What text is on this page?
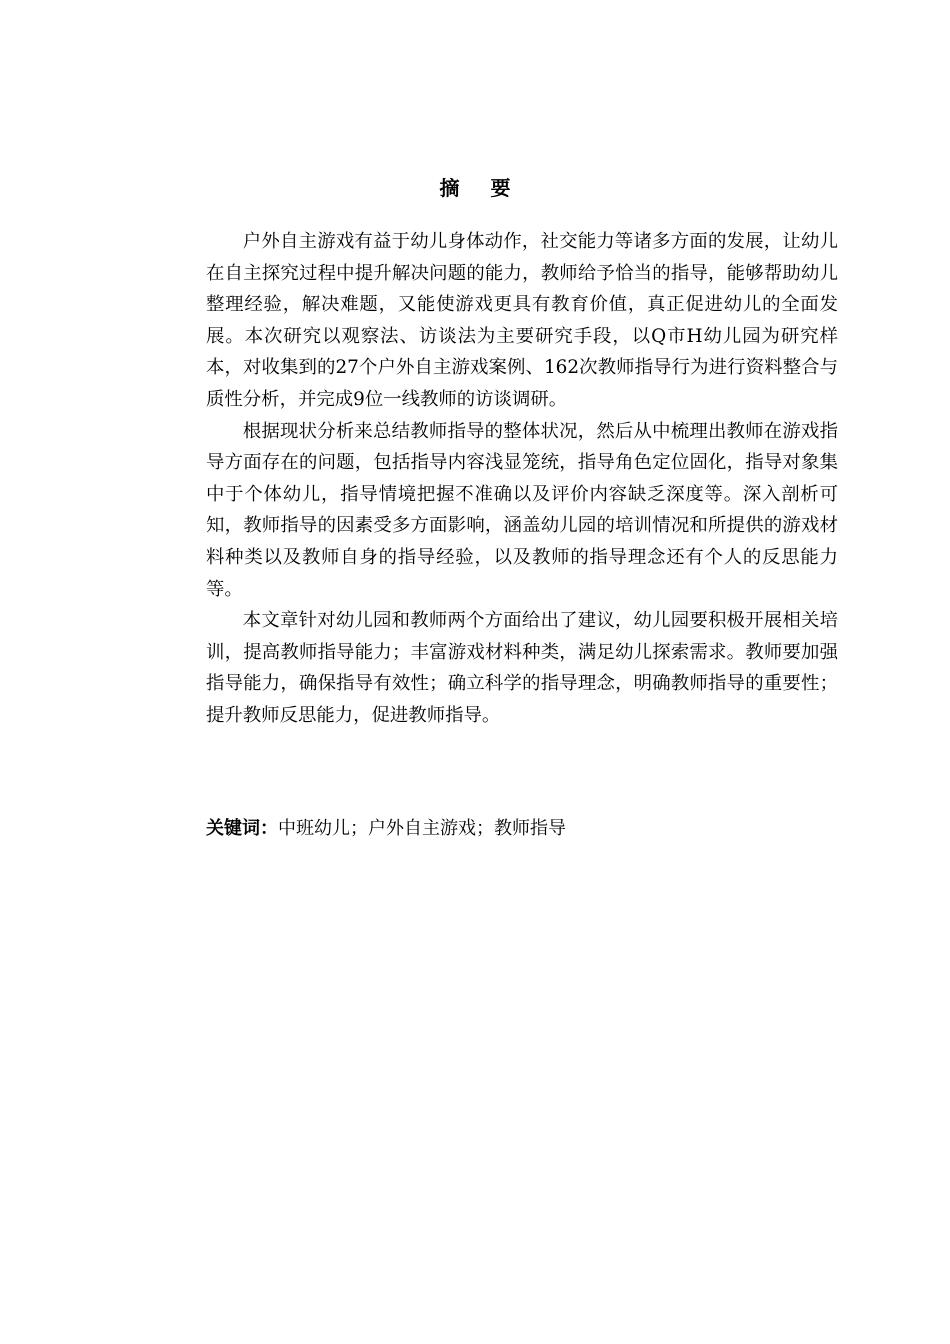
摘 要

户外自主游戏有益于幼儿身体动作，社交能力等诸多方面的发展，让幼儿在自主探究过程中提升解决问题的能力，教师给予恰当的指导，能够帮助幼儿整理经验，解决难题，又能使游戏更具有教育价值，真正促进幼儿的全面发展。本次研究以观察法、访谈法为主要研究手段，以Q市H幼儿园为研究样本，对收集到的27个户外自主游戏案例、162次教师指导行为进行资料整合与质性分析，并完成9位一线教师的访谈调研。

根据现状分析来总结教师指导的整体状况，然后从中梳理出教师在游戏指导方面存在的问题，包括指导内容浅显笼统，指导角色定位固化，指导对象集中于个体幼儿，指导情境把握不准确以及评价内容缺乏深度等。深入剖析可知，教师指导的因素受多方面影响，涵盖幼儿园的培训情况和所提供的游戏材料种类以及教师自身的指导经验，以及教师的指导理念还有个人的反思能力等。

本文章针对幼儿园和教师两个方面给出了建议，幼儿园要积极开展相关培训，提高教师指导能力；丰富游戏材料种类，满足幼儿探索需求。教师要加强指导能力，确保指导有效性；确立科学的指导理念，明确教师指导的重要性；提升教师反思能力，促进教师指导。

关键词：中班幼儿；户外自主游戏；教师指导
